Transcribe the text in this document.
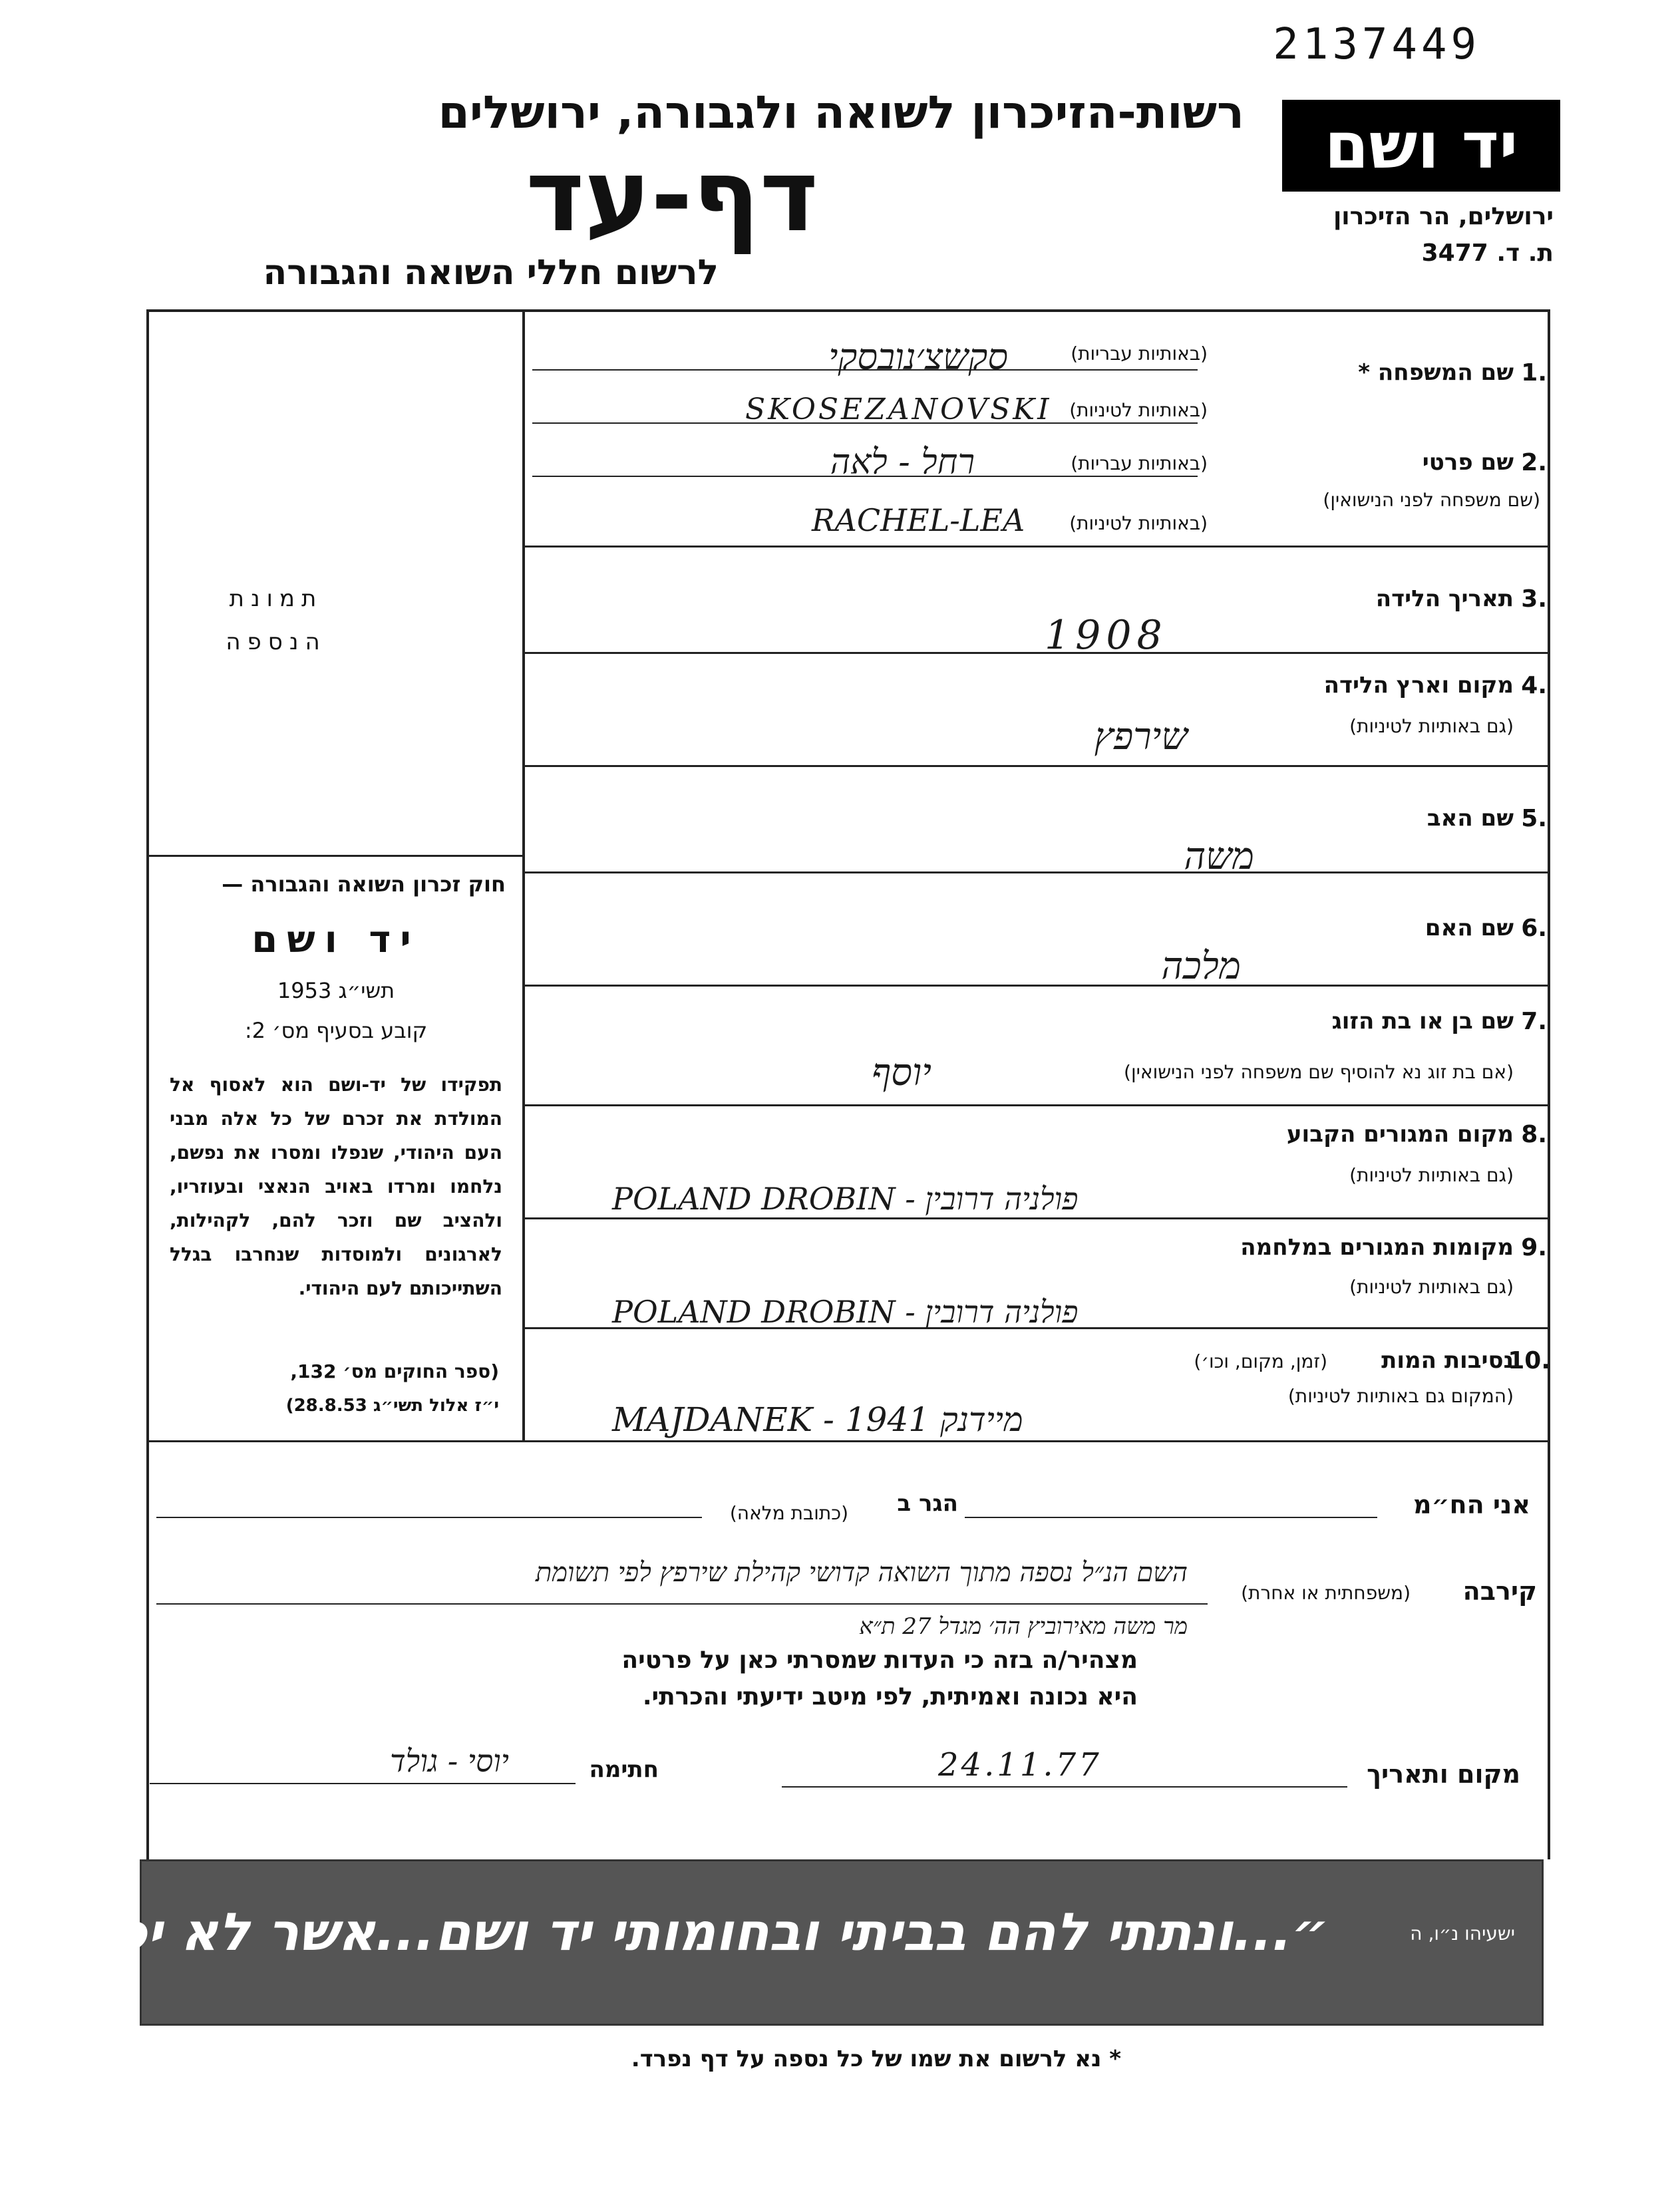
2137449
רשות-הזיכרון לשואה ולגבורה, ירושלים
דף-עד
לרשום חללי השואה והגבורה
יד ושם
ירושלים, הר הזיכרון
ת. ד. 3477
1.
שם המשפחה *
(באותיות עבריות)
סקשצ׳נובסקי
(באותיות לטיניות)
SKOSEZANOVSKI
2.
שם פרטי
(שם משפחה לפני הנישואין)
(באותיות עבריות)
רחל - לאה
(באותיות לטיניות)
RACHEL-LEA
3.
תאריך הלידה
1908
4.
מקום וארץ הלידה
(גם באותיות לטיניות)
שירפץ
5.
שם האב
משה
6.
שם האם
מלכה
7.
שם בן או בת הזוג
(אם בת זוג נא להוסיף שם משפחה לפני הנישואין)
יוסף
8.
מקום המגורים הקבוע
(גם באותיות לטיניות)
POLAND DROBIN - פולניה דרובין
9.
מקומות המגורים במלחמה
(גם באותיות לטיניות)
POLAND DROBIN - פולניה דרובין
10.
נסיבות המות
(זמן, מקום, וכו׳)
(המקום גם באותיות לטיניות)
MAJDANEK - מיידנק 1941
תמונת
הנספה
חוק זכרון השואה והגבורה —
יד ושם
תשי״ג 1953
קובע בסעיף מס׳ 2:
תפקידו של יד-ושם הוא לאסוף אל המולדת את זכרם של כל אלה מבני העם היהודי, שנפלו ומסרו את נפשם, נלחמו ומרדו באויב הנאצי ובעוזריו, ולהציב שם וזכר להם, לקהילות, לארגונים ולמוסדות שנחרבו בגלל השתייכותם לעם היהודי.
(ספר החוקים מס׳ 132,
י״ז אלול תשי״ג 28.8.53)
אני הח״מ
הגר ב
(כתובת מלאה)
קירבה
(משפחתית או אחרת)
השם הנ״ל נספה מתוך השואה קדושי קהילת שירפץ לפי תשומת
מר משה מאירוביץ הה׳ מגדל 27 ת״א
מצהיר/ה בזה כי העדות שמסרתי כאן על פרטיה
היא נכונה ואמיתית, לפי מיטב ידיעתי והכרתי.
חתימה
יוסי - גולד	מקום ותאריך
24.11.77
״...ונתתי להם בביתי ובחומותי יד ושם...אשר לא יכרת״	ישעיהו נ״ו, ה
* נא לרשום את שמו של כל נספה על דף נפרד.
